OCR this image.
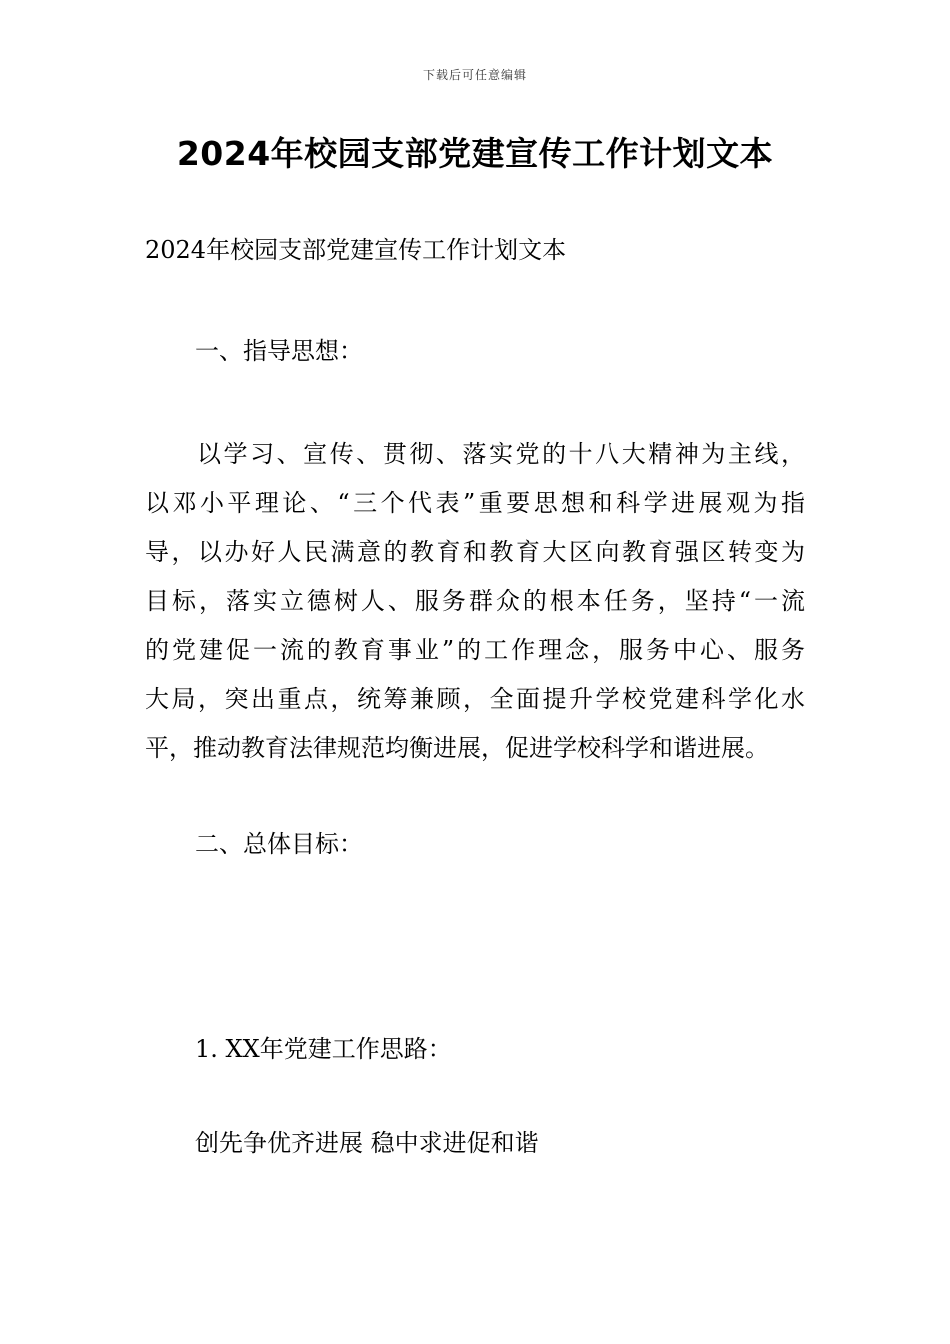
下载后可任意编辑
2024年校园支部党建宣传工作计划文本

2024年校园支部党建宣传工作计划文本

一、指导思想：

以学习、宣传、贯彻、落实党的十八大精神为主线，
以邓小平理论、“三个代表”重要思想和科学进展观为指
导，以办好人民满意的教育和教育大区向教育强区转变为
目标，落实立德树人、服务群众的根本任务，坚持“一流
的党建促一流的教育事业”的工作理念，服务中心、服务
大局，突出重点，统筹兼顾，全面提升学校党建科学化水
平，推动教育法律规范均衡进展，促进学校科学和谐进展。

二、总体目标：

1. XX年党建工作思路：

创先争优齐进展 稳中求进促和谐
